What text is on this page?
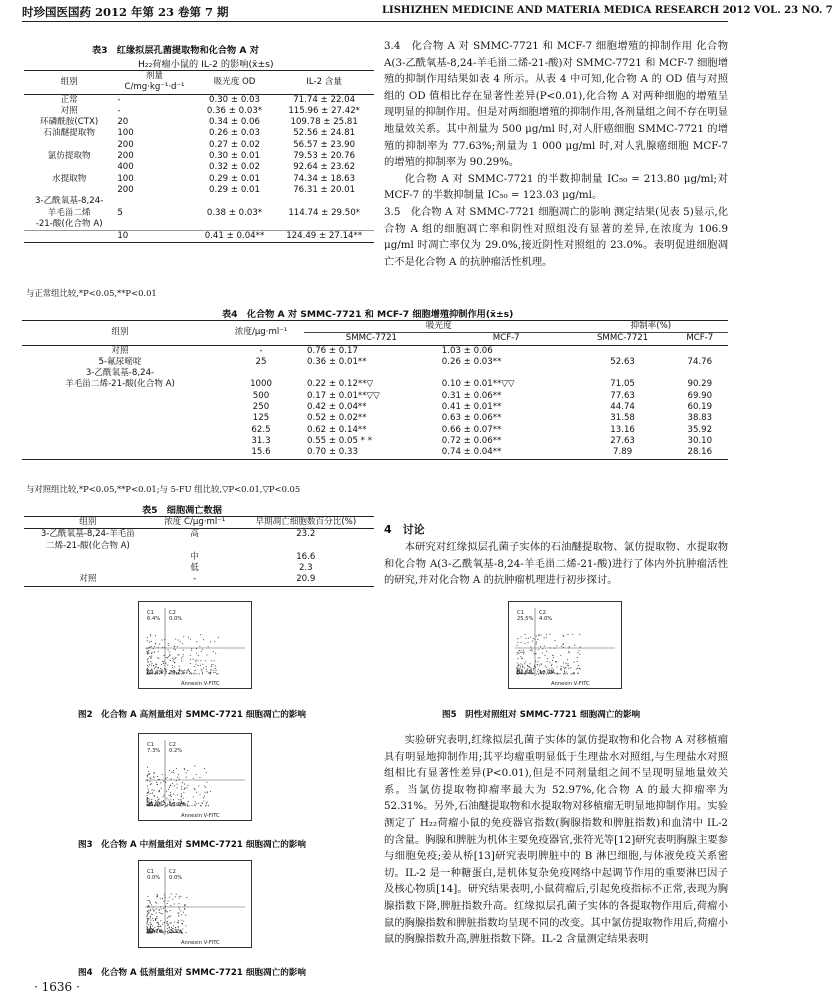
时珍国医国药 2012 年第 23 卷第 7 期	LISHIZHEN MEDICINE AND MATERIA MEDICA RESEARCH 2012 VOL. 23 NO. 7
表3　红缘拟层孔菌提取物和化合物 A 对
H₂₂荷瘤小鼠的 IL-2 的影响(x̄±s)
组别	剂量	吸光度 OD	IL-2 含量
	C/mg·kg⁻¹·d⁻¹		
正常	-	0.30 ± 0.03	71.74 ± 22.04
对照	-	0.36 ± 0.03*	115.96 ± 27.42*
环磷酰胺(CTX)	20	0.34 ± 0.06	109.78 ± 25.81
石油醚提取物	100	0.26 ± 0.03	52.56 ± 24.81
	200	0.27 ± 0.02	56.57 ± 23.90
氯仿提取物	200	0.30 ± 0.01	79.53 ± 20.76
	400	0.32 ± 0.02	92.64 ± 23.62
水提取物	100	0.29 ± 0.01	74.34 ± 18.63
	200	0.29 ± 0.01	76.31 ± 20.01
3-乙酰氧基-8,24-			
羊毛甾二烯	5	0.38 ± 0.03*	114.74 ± 29.50*
-21-酸(化合物 A)			
	10	0.41 ± 0.04**	124.49 ± 27.14**
与正常组比较,*P<0.05,**P<0.01

3.4　化合物 A 对 SMMC-7721 和 MCF-7 细胞增殖的抑制作用 化合物 A(3-乙酰氧基-8,24-羊毛甾二烯-21-酸)对 SMMC-7721 和 MCF-7 细胞增殖的抑制作用结果如表 4 所示。从表 4 中可知,化合物 A 的 OD 值与对照组的 OD 值相比存在显著性差异(P<0.01),化合物 A 对两种细胞的增殖呈现明显的抑制作用。但是对两细胞增殖的抑制作用,各剂量组之间不存在明显地量效关系。其中剂量为 500 μg/ml 时,对人肝癌细胞 SMMC-7721 的增殖的抑制率为 77.63%;剂量为 1 000 μg/ml 时,对人乳腺癌细胞 MCF-7 的增殖的抑制率为 90.29%。

化合物 A 对 SMMC-7721 的半数抑制量 IC₅₀ = 213.80 μg/ml;对 MCF-7 的半数抑制量 IC₅₀ = 123.03 μg/ml。

3.5　化合物 A 对 SMMC-7721 细胞凋亡的影响 测定结果(见表 5)显示,化合物 A 组的细胞凋亡率和阴性对照组没有显著的差异,在浓度为 106.9 μg/ml 时凋亡率仅为 29.0%,接近阴性对照组的 23.0%。表明促进细胞凋亡不是化合物 A 的抗肿瘤活性机理。

表4　化合物 A 对 SMMC-7721 和 MCF-7 细胞增殖抑制作用(x̄±s)
组别	浓度/μg·ml⁻¹	吸光度		抑制率(%)	
		SMMC-7721	MCF-7	SMMC-7721	MCF-7
对照	-	0.76 ± 0.17	1.03 ± 0.06		
5-氟尿嘧啶	25	0.36 ± 0.01**	0.26 ± 0.03**	52.63	74.76
3-乙酰氧基-8,24-					
羊毛甾二烯-21-酸(化合物 A)	1000	0.22 ± 0.12**▽	0.10 ± 0.01**▽▽	71.05	90.29
	500	0.17 ± 0.01**▽▽	0.31 ± 0.06**	77.63	69.90
	250	0.42 ± 0.04**	0.41 ± 0.01**	44.74	60.19
	125	0.52 ± 0.02**	0.63 ± 0.06**	31.58	38.83
	62.5	0.62 ± 0.14**	0.66 ± 0.07**	13.16	35.92
	31.3	0.55 ± 0.05 * *	0.72 ± 0.06**	27.63	30.10
	15.6	0.70 ± 0.33	0.74 ± 0.04**	7.89	28.16
与对照组比较,*P<0.05,**P<0.01;与 5-FU 组比较,▽P<0.01,▽P<0.05
表5　细胞凋亡数据
组别	浓度 C/μg·ml⁻¹	早期凋亡细胞数百分比(%)
3-乙酰氧基-8,24-羊毛甾	高	23.2
二烯-21-酸(化合物 A)		
	中	16.6
	低	2.3
对照	-	20.9
4　讨论

本研究对红缘拟层孔菌子实体的石油醚提取物、氯仿提取物、水提取物和化合物 A(3-乙酰氧基-8,24-羊毛甾二烯-21-酸)进行了体内外抗肿瘤活性的研究,并对化合物 A 的抗肿瘤机理进行初步探讨。

实验研究表明,红缘拟层孔菌子实体的氯仿提取物和化合物 A 对移植瘤具有明显地抑制作用;其平均瘤重明显低于生理盐水对照组,与生理盐水对照组相比有显著性差异(P<0.01),但是不同剂量组之间不呈现明显地量效关系。当氯仿提取物抑瘤率最大为 52.97%,化合物 A 的最大抑瘤率为 52.31%。另外,石油醚提取物和水提取物对移植瘤无明显地抑制作用。实验测定了 H₂₂荷瘤小鼠的免疫器官指数(胸腺指数和脾脏指数)和血清中 IL-2 的含量。胸腺和脾脏为机体主要免疫器官,张符光等[12]研究表明胸腺主要参与细胞免疫;姜从桥[13]研究表明脾脏中的 B 淋巴细胞,与体液免疫关系密切。IL-2 是一种糖蛋白,是机体复杂免疫网络中起调节作用的重要淋巴因子及核心物质[14]。研究结果表明,小鼠荷瘤后,引起免疫指标不正常,表现为胸腺指数下降,脾脏指数升高。红缘拟层孔菌子实体的各提取物作用后,荷瘤小鼠的胸腺指数和脾脏指数均呈现不同的改变。其中氯仿提取物作用后,荷瘤小鼠的胸腺指数升高,脾脏指数下降。IL-2 含量测定结果表明

C1
6.4%
C2
0.0%
69.4% 24.2%
Annexin V-FITC
图2　化合物 A 高剂量组对 SMMC-7721 细胞凋亡的影响
C1
7.3%
C2
0.2%
75.9% 16.6%
Annexin V-FITC
图3　化合物 A 中剂量组对 SMMC-7721 细胞凋亡的影响
C1
0.0%
C2
0.0%
97.7% 2.3%
Annexin V-FITC
图4　化合物 A 低剂量组对 SMMC-7721 细胞凋亡的影响
C1
25.5%
C2
4.0%
53.6% 16.9%
Annexin V-FITC
图5　阴性对照组对 SMMC-7721 细胞凋亡的影响
· 1636 ·
